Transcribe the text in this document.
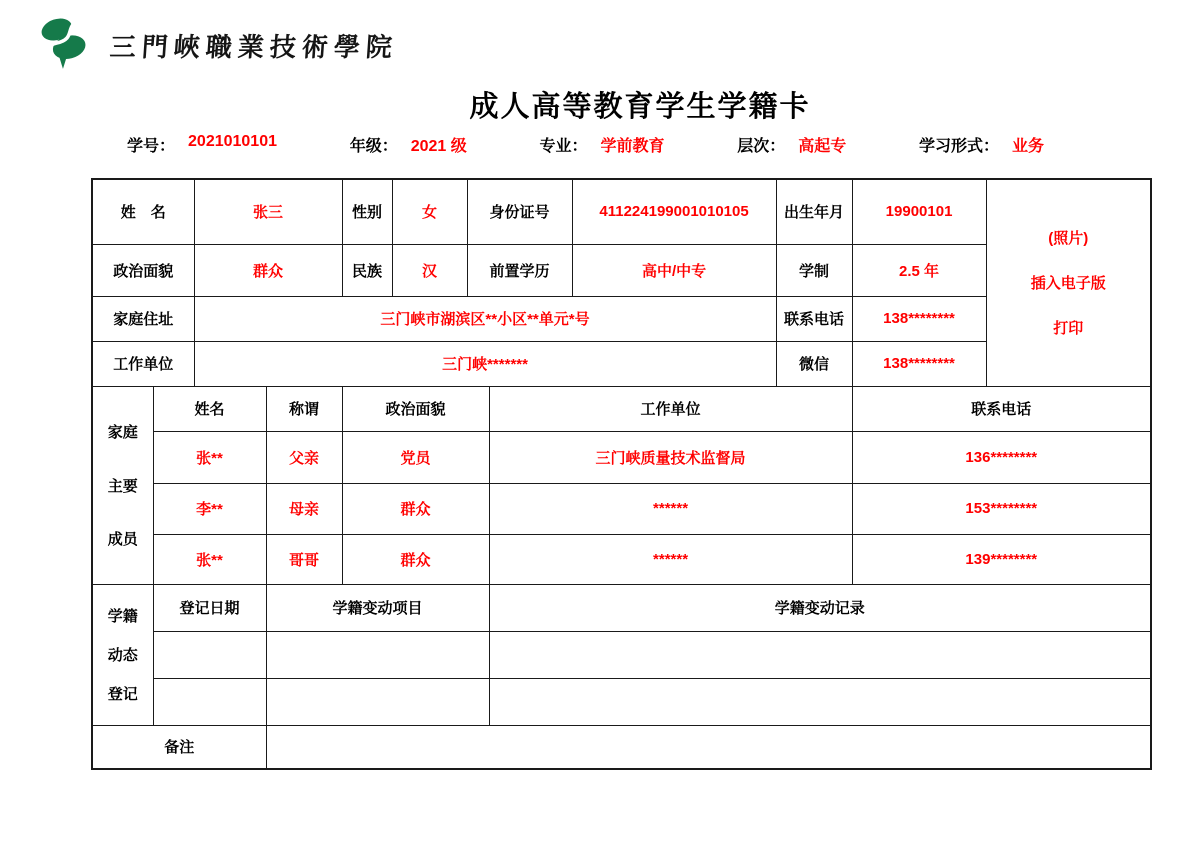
三門峽職業技術學院
成人高等教育学生学籍卡
学号： 2021010101	年级： 2021 级	专业： 学前教育	层次： 高起专	学习形式： 业务
姓　名		张三		性别	女	身份证号		411224199001010105	出生年月	19900101	(照片)
插入电子版
打印

政治面貌		群众		民族	汉	前置学历		高中/中专	学制	2.5 年	
家庭住址		三门峡市湖滨区**小区**单元*号							联系电话	138********	
工作单位		三门峡*******							微信	138********	

家庭
主要
成员	姓名		称谓	政治面貌			工作单位			联系电话	
	张**		父亲	党员			三门峡质量技术监督局			136********	
	李**		母亲	群众			******			153********	
	张**		哥哥	群众			******			139********	

学籍
动态
登记	登记日期		学籍变动项目				学籍变动记录				

备注											
